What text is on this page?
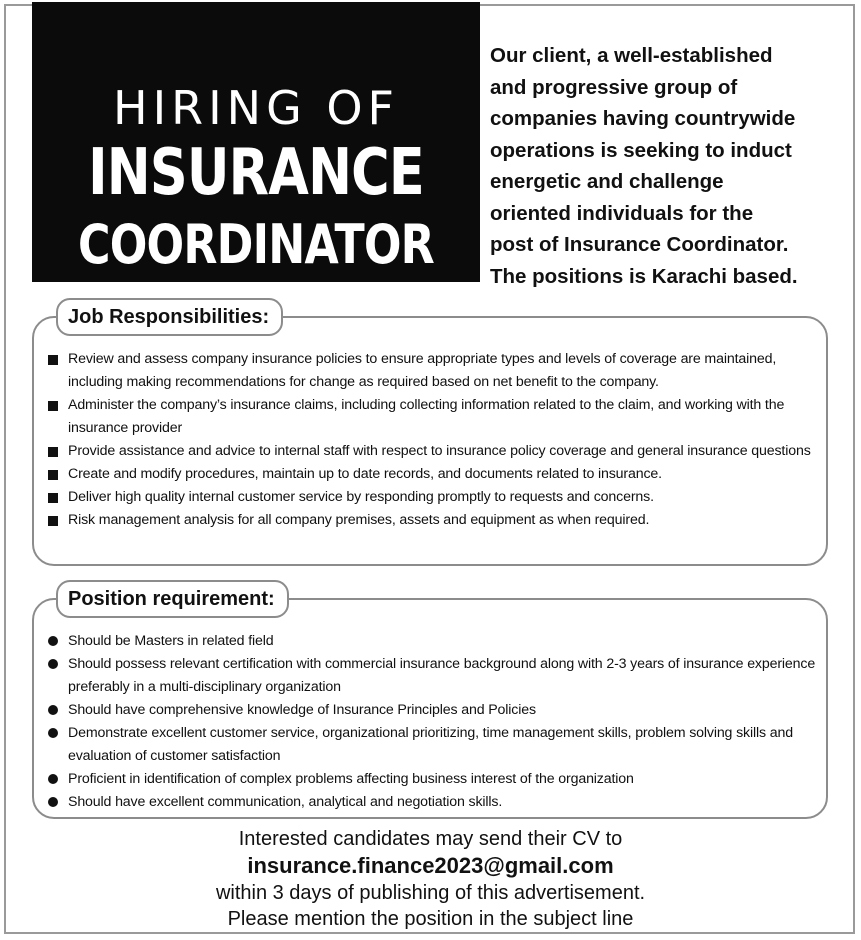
HIRING OF
INSURANCE
COORDINATOR
Our client, a well-established
and progressive group of
companies having countrywide
operations is seeking to induct
energetic and challenge
oriented individuals for the
post of Insurance Coordinator.
The positions is Karachi based.
Job Responsibilities:
Review and assess company insurance policies to ensure appropriate types and levels of coverage are maintained, including making recommendations for change as required based on net benefit to the company.
Administer the company’s insurance claims, including collecting information related to the claim, and working with the insurance provider
Provide assistance and advice to internal staff with respect to insurance policy coverage and general insurance questions
Create and modify procedures, maintain up to date records, and documents related to insurance.
Deliver high quality internal customer service by responding promptly to requests and concerns.
Risk management analysis for all company premises, assets and equipment as when required.
Position requirement:
Should be Masters in related field
Should possess relevant certification with commercial insurance background along with 2-3 years of insurance experience preferably in a multi-disciplinary organization
Should have comprehensive knowledge of Insurance Principles and Policies
Demonstrate excellent customer service, organizational prioritizing, time management skills, problem solving skills and evaluation of customer satisfaction
Proficient in identification of complex problems affecting business interest of the organization
Should have excellent communication, analytical and negotiation skills.
Interested candidates may send their CV to
insurance.finance2023@gmail.com
within 3 days of publishing of this advertisement.
Please mention the position in the subject line
